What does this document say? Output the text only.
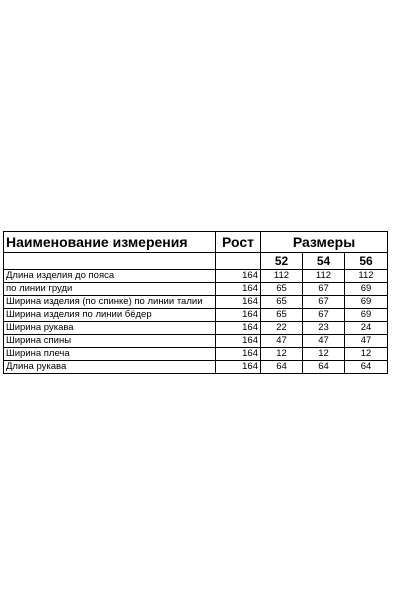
Наименование измерения	Рост	Размеры		
		52	54	56
Длина изделия до пояса	164	112	112	112
по линии груди	164	65	67	69
Ширина изделия (по спинке) по линии талии	164	65	67	69
Ширина изделия по линии бёдер	164	65	67	69
Ширина рукава	164	22	23	24
Ширина спины	164	47	47	47
Ширина плеча	164	12	12	12
Длина рукава	164	64	64	64
